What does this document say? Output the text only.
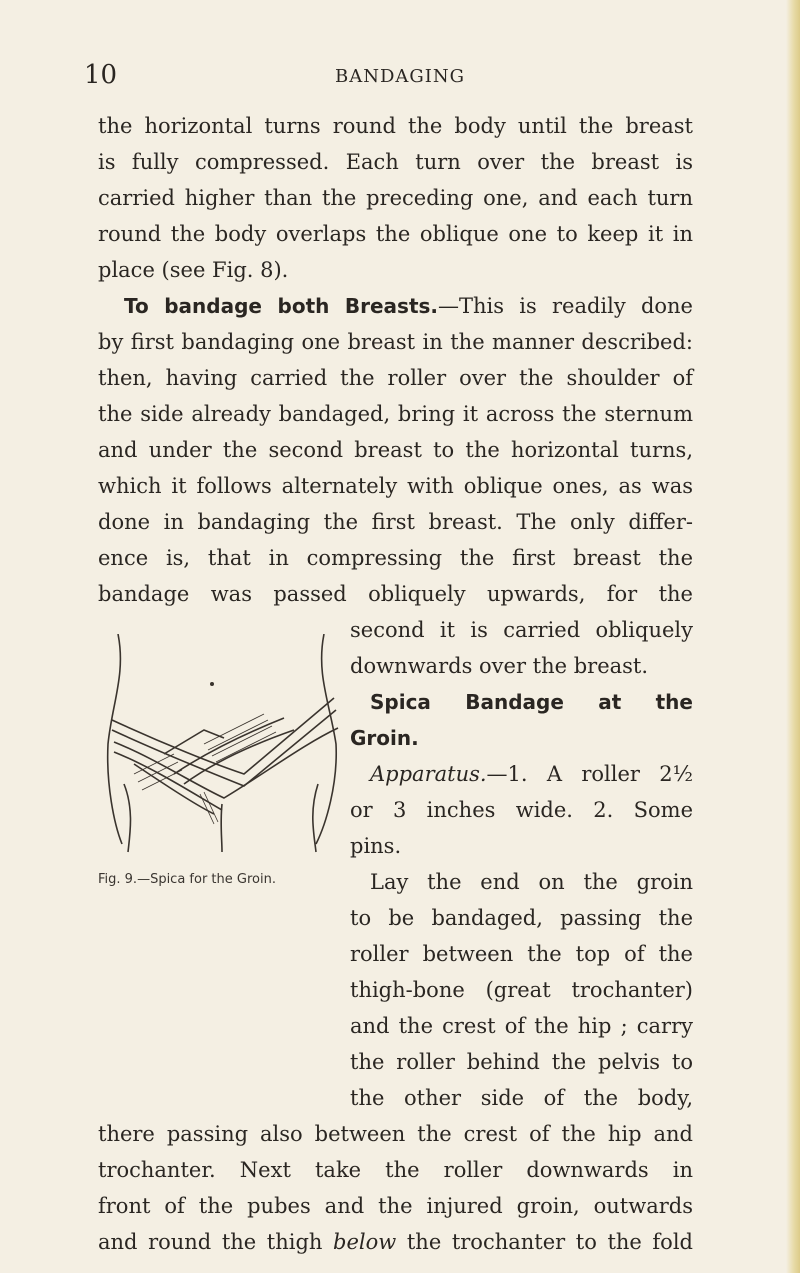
10	BANDAGING
the horizontal turns round the body until the breast
is fully compressed. Each turn over the breast is
carried higher than the preceding one, and each turn
round the body overlaps the oblique one to keep it in
place (see Fig. 8).
To bandage both Breasts.—This is readily done
by first bandaging one breast in the manner described:
then, having carried the roller over the shoulder of
the side already bandaged, bring it across the sternum
and under the second breast to the horizontal turns,
which it follows alternately with oblique ones, as was
done in bandaging the first breast. The only differ-
ence is, that in compressing the first breast the
bandage was passed obliquely upwards, for the
second it is carried obliquely
downwards over the breast.
Spica Bandage at the
Groin.
Apparatus.—1. A roller 2½
or 3 inches wide. 2. Some
pins.
Lay the end on the groin
to be bandaged, passing the
roller between the top of the
thigh-bone (great trochanter)
and the crest of the hip ; carry
the roller behind the pelvis to
the other side of the body,
there passing also between the crest of the hip and
trochanter. Next take the roller downwards in
front of the pubes and the injured groin, outwards
and round the thigh below the trochanter to the fold
Fig. 9.—Spica for the Groin.
